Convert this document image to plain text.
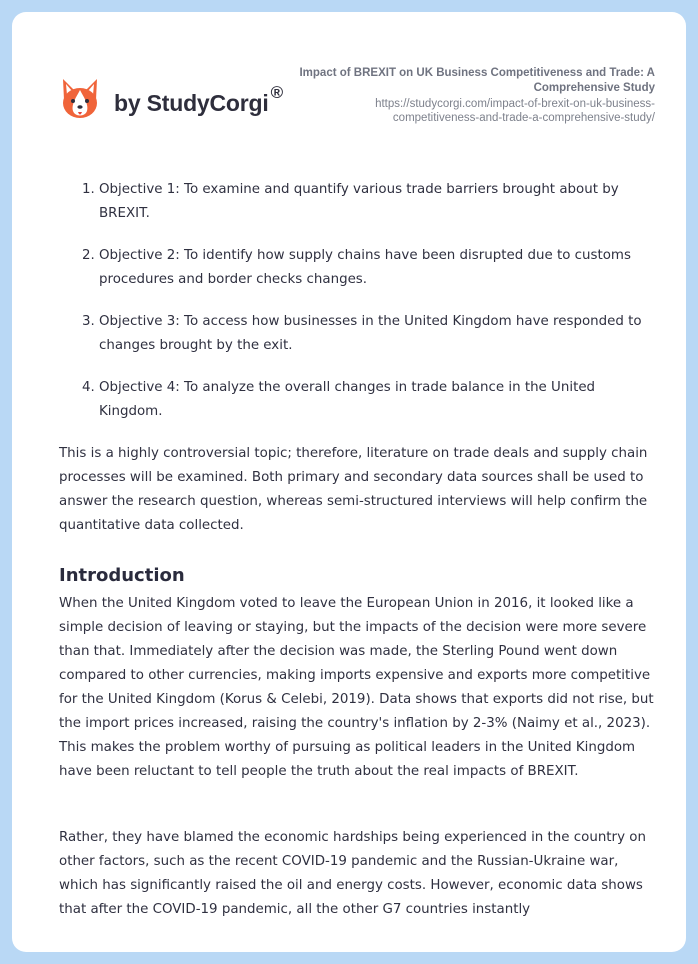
by StudyCorgi ®
Impact of BREXIT on UK Business Competitiveness and Trade: A Comprehensive Study
https://studycorgi.com/impact-of-brexit-on-uk-business-competitiveness-and-trade-a-comprehensive-study/
1. Objective 1: To examine and quantify various trade barriers brought about by BREXIT.
2. Objective 2: To identify how supply chains have been disrupted due to customs procedures and border checks changes.
3. Objective 3: To access how businesses in the United Kingdom have responded to changes brought by the exit.
4. Objective 4: To analyze the overall changes in trade balance in the United Kingdom.

This is a highly controversial topic; therefore, literature on trade deals and supply chain processes will be examined. Both primary and secondary data sources shall be used to answer the research question, whereas semi-structured interviews will help confirm the quantitative data collected.

Introduction

When the United Kingdom voted to leave the European Union in 2016, it looked like a simple decision of leaving or staying, but the impacts of the decision were more severe than that. Immediately after the decision was made, the Sterling Pound went down compared to other currencies, making imports expensive and exports more competitive for the United Kingdom (Korus & Celebi, 2019). Data shows that exports did not rise, but the import prices increased, raising the country's inflation by 2-3% (Naimy et al., 2023). This makes the problem worthy of pursuing as political leaders in the United Kingdom have been reluctant to tell people the truth about the real impacts of BREXIT.

Rather, they have blamed the economic hardships being experienced in the country on other factors, such as the recent COVID-19 pandemic and the Russian-Ukraine war, which has significantly raised the oil and energy costs. However, economic data shows that after the COVID-19 pandemic, all the other G7 countries instantly
